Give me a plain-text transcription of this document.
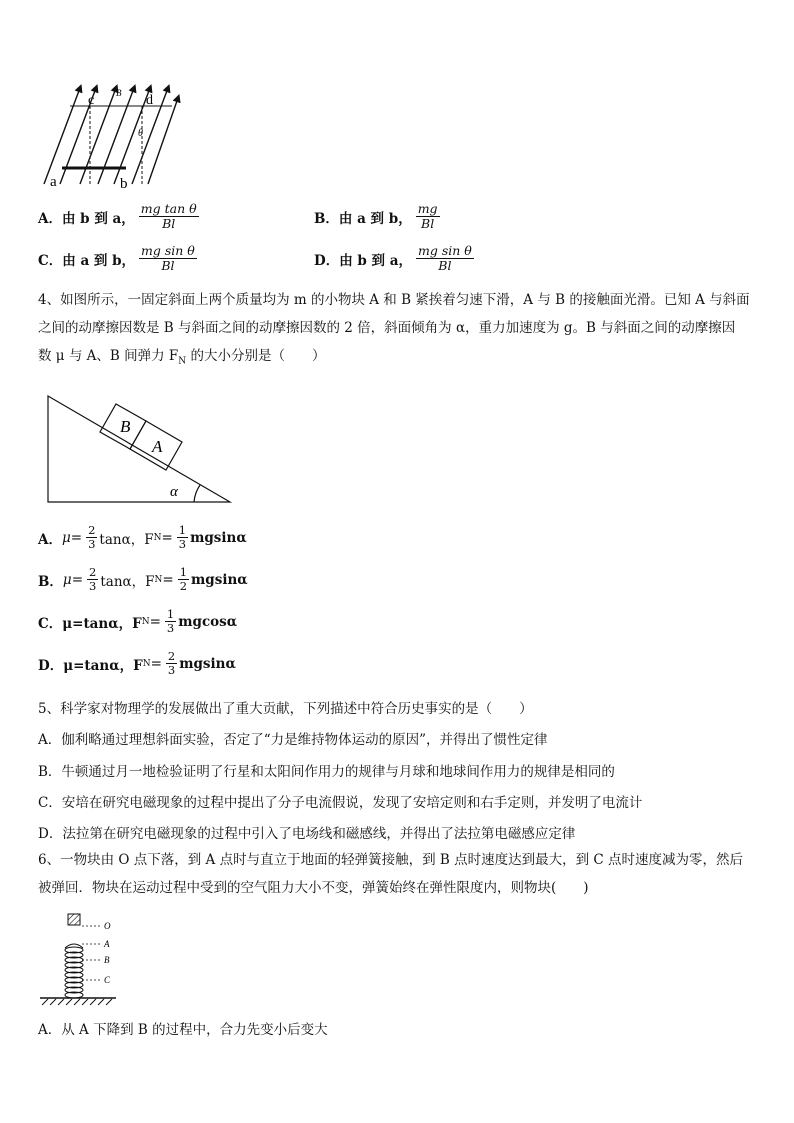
c B d
θ
a	b
A．由 b 到 a， $\frac{\text{mg tan θ}}{Bl}$	B．由 a 到 b， $\frac{mg}{Bl}$
C．由 a 到 b， $\frac{\text{mg sin θ}}{Bl}$	D．由 b 到 a， $\frac{\text{mg sin θ}}{Bl}$
4、如图所示，一固定斜面上两个质量均为 m 的小物块 A 和 B 紧挨着匀速下滑，A 与 B 的接触面光滑。已知 A 与斜面
之间的动摩擦因数是 B 与斜面之间的动摩擦因数的 2 倍，斜面倾角为 α，重力加速度为 g。B 与斜面之间的动摩擦因
数 μ 与 A、B 间弹力 $F_N$ 的大小分别是（　　）
B
A
α
A． $\mu= \frac{2}{3}$ tanα，F $N = \frac{1}{3}$ mgsinα
B． $\mu= \frac{2}{3}$ tanα，F $N = \frac{1}{2}$ mgsinα
C． μ=tanα，F $N = \frac{1}{3}$ mgcosα
D． μ=tanα，F $N = \frac{2}{3}$ mgsinα
5、科学家对物理学的发展做出了重大贡献，下列描述中符合历史事实的是（　　）
A．伽利略通过理想斜面实验，否定了“力是维持物体运动的原因”，并得出了惯性定律
B．牛顿通过月一地检验证明了行星和太阳间作用力的规律与月球和地球间作用力的规律是相同的
C．安培在研究电磁现象的过程中提出了分子电流假说，发现了安培定则和右手定则，并发明了电流计
D．法拉第在研究电磁现象的过程中引入了电场线和磁感线，并得出了法拉第电磁感应定律
6、一物块由 O 点下落，到 A 点时与直立于地面的轻弹簧接触，到 B 点时速度达到最大，到 C 点时速度减为零，然后
被弹回．物块在运动过程中受到的空气阻力大小不变，弹簧始终在弹性限度内，则物块(　　)
O
A
B
C
A．从 A 下降到 B 的过程中，合力先变小后变大
